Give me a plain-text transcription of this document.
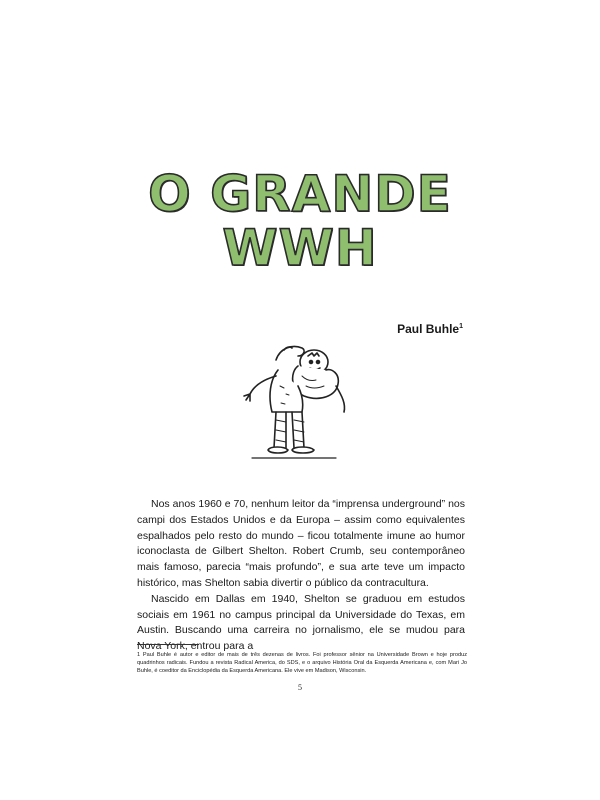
O GRANDE
WWH
Paul Buhle$^1$

Nos anos 1960 e 70, nenhum leitor da “imprensa underground” nos campi dos Estados Unidos e da Europa – assim como equivalentes espalhados pelo resto do mundo – ficou totalmente imune ao humor iconoclasta de Gilbert Shelton. Robert Crumb, seu contemporâneo mais famoso, parecia “mais profundo”, e sua arte teve um impacto histórico, mas Shelton sabia divertir o público da contracultura.

Nascido em Dallas em 1940, Shelton se graduou em estudos sociais em 1961 no campus principal da Universidade do Texas, em Austin. Buscando uma carreira no jornalismo, ele se mudou para Nova York, entrou para a

1 Paul Buhle é autor e editor de mais de três dezenas de livros. Foi professor sênior na Universidade Brown e hoje produz quadrinhos radicais. Fundou a revista Radical America, do SDS, e o arquivo História Oral da Esquerda Americana e, com Mari Jo Buhle, é coeditor da Enciclopédia da Esquerda Americana. Ele vive em Madison, Wisconsin.
5
